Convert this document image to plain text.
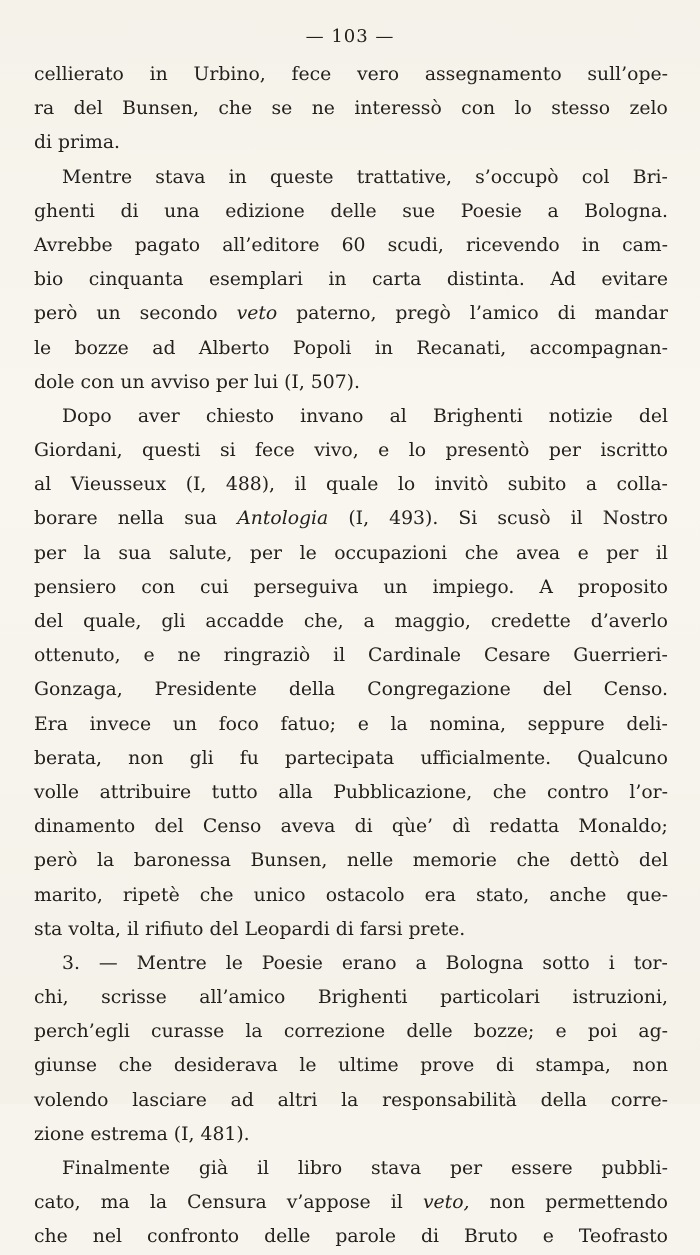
— 103 —
cellierato in Urbino, fece vero assegnamento sull’ope-
ra del Bunsen, che se ne interessò con lo stesso zelo
di prima.
Mentre stava in queste trattative, s’occupò col Bri-
ghenti di una edizione delle sue Poesie a Bologna.
Avrebbe pagato all’editore 60 scudi, ricevendo in cam-
bio cinquanta esemplari in carta distinta. Ad evitare
però un secondo veto paterno, pregò l’amico di mandar
le bozze ad Alberto Popoli in Recanati, accompagnan-
dole con un avviso per lui (I, 507).
Dopo aver chiesto invano al Brighenti notizie del
Giordani, questi si fece vivo, e lo presentò per iscritto
al Vieusseux (I, 488), il quale lo invitò subito a colla-
borare nella sua Antologia (I, 493). Si scusò il Nostro
per la sua salute, per le occupazioni che avea e per il
pensiero con cui perseguiva un impiego. A proposito
del quale, gli accadde che, a maggio, credette d’averlo
ottenuto, e ne ringraziò il Cardinale Cesare Guerrieri-
Gonzaga, Presidente della Congregazione del Censo.
Era invece un foco fatuo; e la nomina, seppure deli-
berata, non gli fu partecipata ufficialmente. Qualcuno
volle attribuire tutto alla Pubblicazione, che contro l’or-
dinamento del Censo aveva di qùe’ dì redatta Monaldo;
però la baronessa Bunsen, nelle memorie che dettò del
marito, ripetè che unico ostacolo era stato, anche que-
sta volta, il rifiuto del Leopardi di farsi prete.
3. — Mentre le Poesie erano a Bologna sotto i tor-
chi, scrisse all’amico Brighenti particolari istruzioni,
perch’egli curasse la correzione delle bozze; e poi ag-
giunse che desiderava le ultime prove di stampa, non
volendo lasciare ad altri la responsabilità della corre-
zione estrema (I, 481).
Finalmente già il libro stava per essere pubbli-
cato, ma la Censura v’appose il veto, non permettendo
che nel confronto delle parole di Bruto e Teofrasto
